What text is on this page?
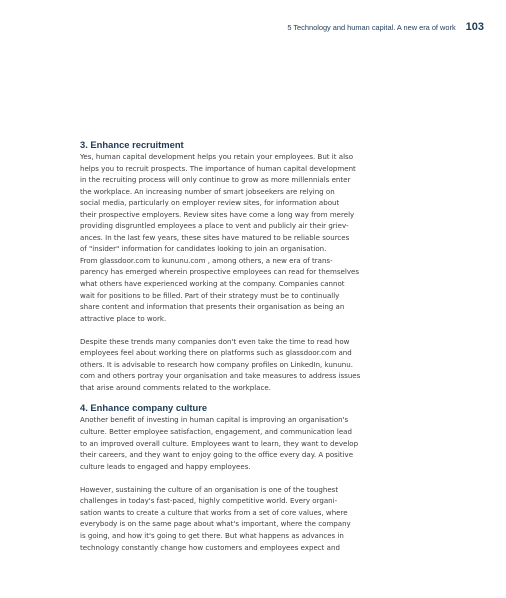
5 Technology and human capital. A new era of work 103
3. Enhance recruitment
Yes, human capital development helps you retain your employees. But it also
helps you to recruit prospects. The importance of human capital development
in the recruiting process will only continue to grow as more millennials enter
the workplace. An increasing number of smart jobseekers are relying on
social media, particularly on employer review sites, for information about
their prospective employers. Review sites have come a long way from merely
providing disgruntled employees a place to vent and publicly air their griev-
ances. In the last few years, these sites have matured to be reliable sources
of "insider" information for candidates looking to join an organisation.
From glassdoor.com to kununu.com , among others, a new era of trans-
parency has emerged wherein prospective employees can read for themselves
what others have experienced working at the company. Companies cannot
wait for positions to be filled. Part of their strategy must be to continually
share content and information that presents their organisation as being an
attractive place to work.
Despite these trends many companies don't even take the time to read how
employees feel about working there on platforms such as glassdoor.com and
others. It is advisable to research how company profiles on LinkedIn, kununu.
com and others portray your organisation and take measures to address issues
that arise around comments related to the workplace.
4. Enhance company culture
Another benefit of investing in human capital is improving an organisation's
culture. Better employee satisfaction, engagement, and communication lead
to an improved overall culture. Employees want to learn, they want to develop
their careers, and they want to enjoy going to the office every day. A positive
culture leads to engaged and happy employees.
However, sustaining the culture of an organisation is one of the toughest
challenges in today's fast-paced, highly competitive world. Every organi-
sation wants to create a culture that works from a set of core values, where
everybody is on the same page about what's important, where the company
is going, and how it's going to get there. But what happens as advances in
technology constantly change how customers and employees expect and
